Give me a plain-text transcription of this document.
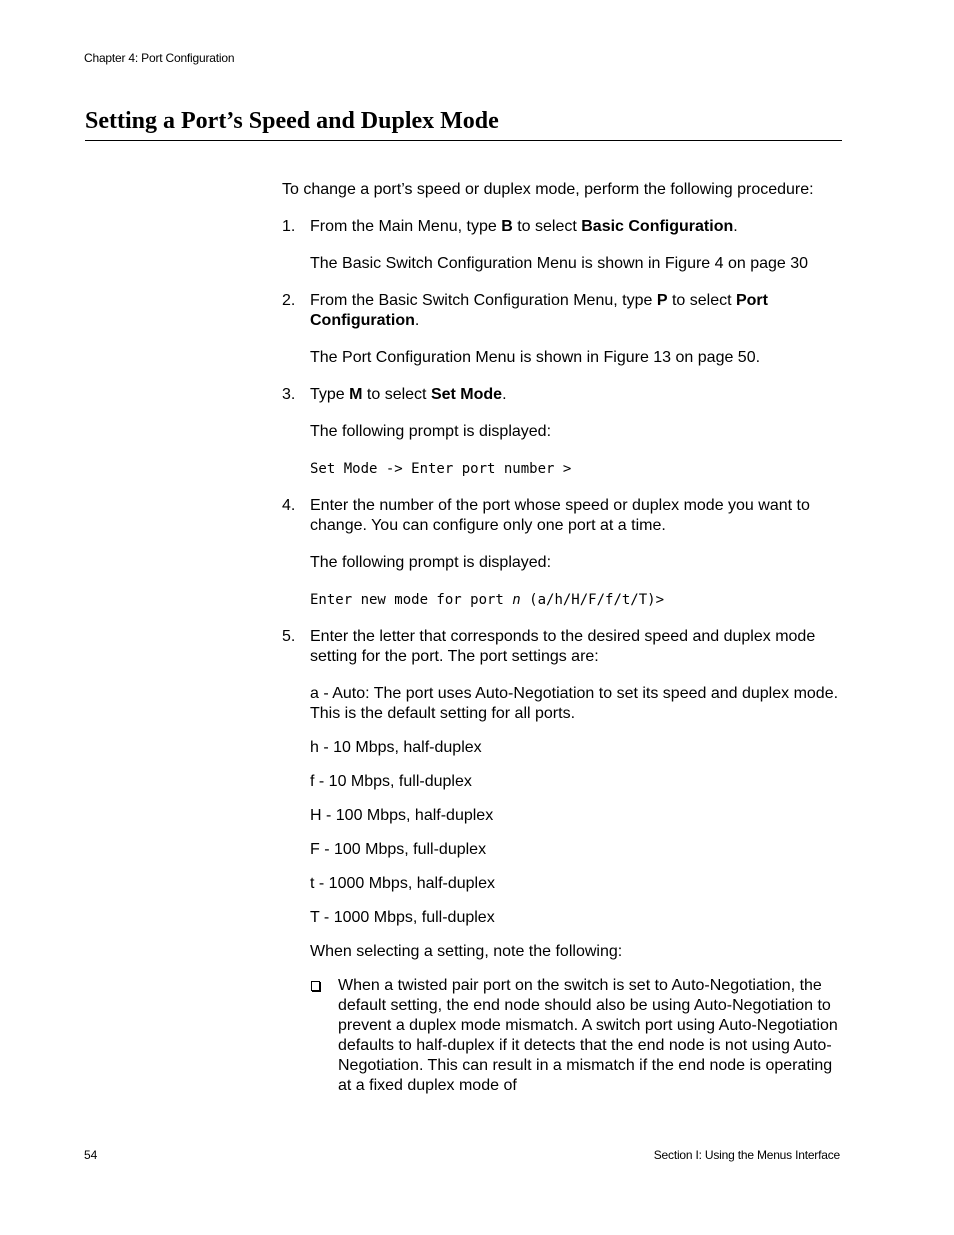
Chapter 4: Port Configuration
Setting a Port’s Speed and Duplex Mode

To change a port’s speed or duplex mode, perform the following procedure:

1. From the Main Menu, type B to select Basic Configuration.

The Basic Switch Configuration Menu is shown in Figure 4 on page 30

2. From the Basic Switch Configuration Menu, type P to select Port Configuration.

The Port Configuration Menu is shown in Figure 13 on page 50.

3. Type M to select Set Mode.

The following prompt is displayed:

Set Mode -> Enter port number >

4. Enter the number of the port whose speed or duplex mode you want to change. You can configure only one port at a time.

The following prompt is displayed:

Enter new mode for port n (a/h/H/F/f/t/T)>

5. Enter the letter that corresponds to the desired speed and duplex mode setting for the port. The port settings are:

a - Auto: The port uses Auto-Negotiation to set its speed and duplex mode. This is the default setting for all ports.

h - 10 Mbps, half-duplex

f - 10 Mbps, full-duplex

H - 100 Mbps, half-duplex

F - 100 Mbps, full-duplex

t - 1000 Mbps, half-duplex

T - 1000 Mbps, full-duplex

When selecting a setting, note the following:

When a twisted pair port on the switch is set to Auto-Negotiation, the default setting, the end node should also be using Auto-Negotiation to prevent a duplex mode mismatch. A switch port using Auto-Negotiation defaults to half-duplex if it detects that the end node is not using Auto-Negotiation. This can result in a mismatch if the end node is operating at a fixed duplex mode of

54	Section I: Using the Menus Interface
